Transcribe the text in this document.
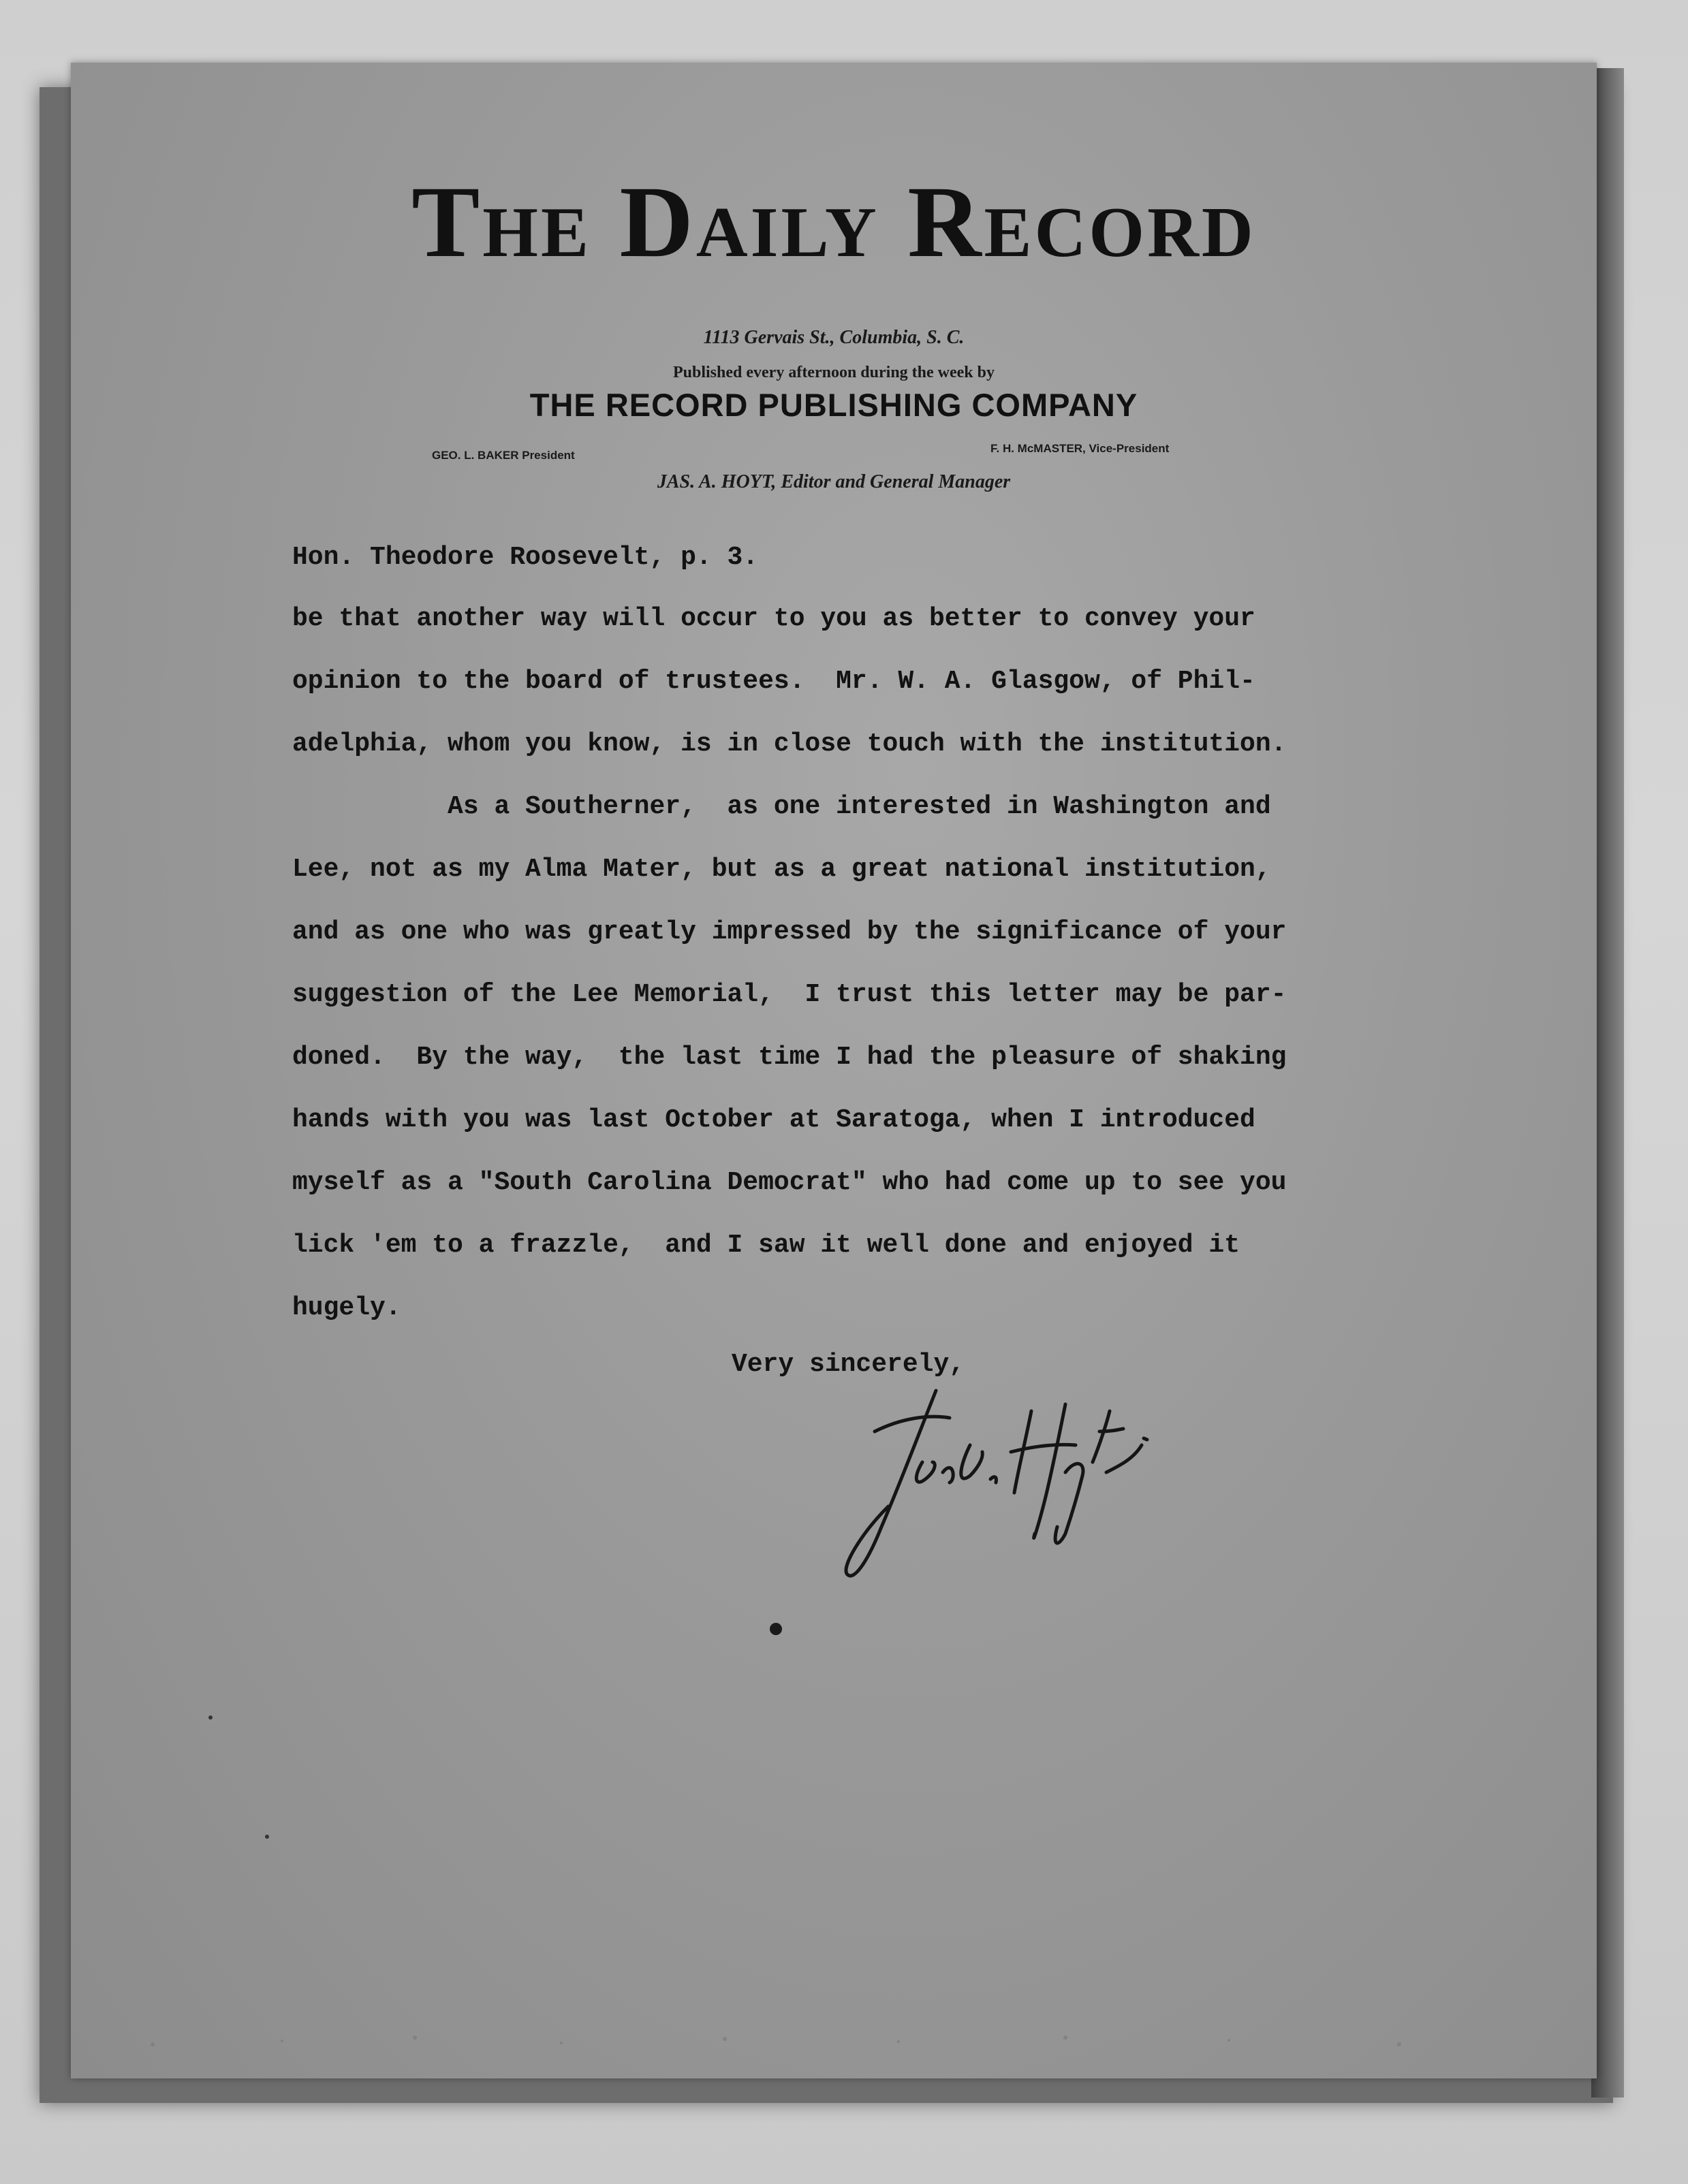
The Daily Record
1113 Gervais St., Columbia, S. C.
Published every afternoon during the week by
THE RECORD PUBLISHING COMPANY
GEO. L. BAKER President
F. H. McMASTER, Vice-President
JAS. A. HOYT, Editor and General Manager
Hon. Theodore Roosevelt, p. 3.
be that another way will occur to you as better to convey your
opinion to the board of trustees.  Mr. W. A. Glasgow, of Phil-
adelphia, whom you know, is in close touch with the institution.
As a Southerner,  as one interested in Washington and
Lee, not as my Alma Mater, but as a great national institution,
and as one who was greatly impressed by the significance of your
suggestion of the Lee Memorial,  I trust this letter may be par-
doned.  By the way,  the last time I had the pleasure of shaking
hands with you was last October at Saratoga, when I introduced
myself as a "South Carolina Democrat" who had come up to see you
lick 'em to a frazzle,  and I saw it well done and enjoyed it
hugely.
Very sincerely,
